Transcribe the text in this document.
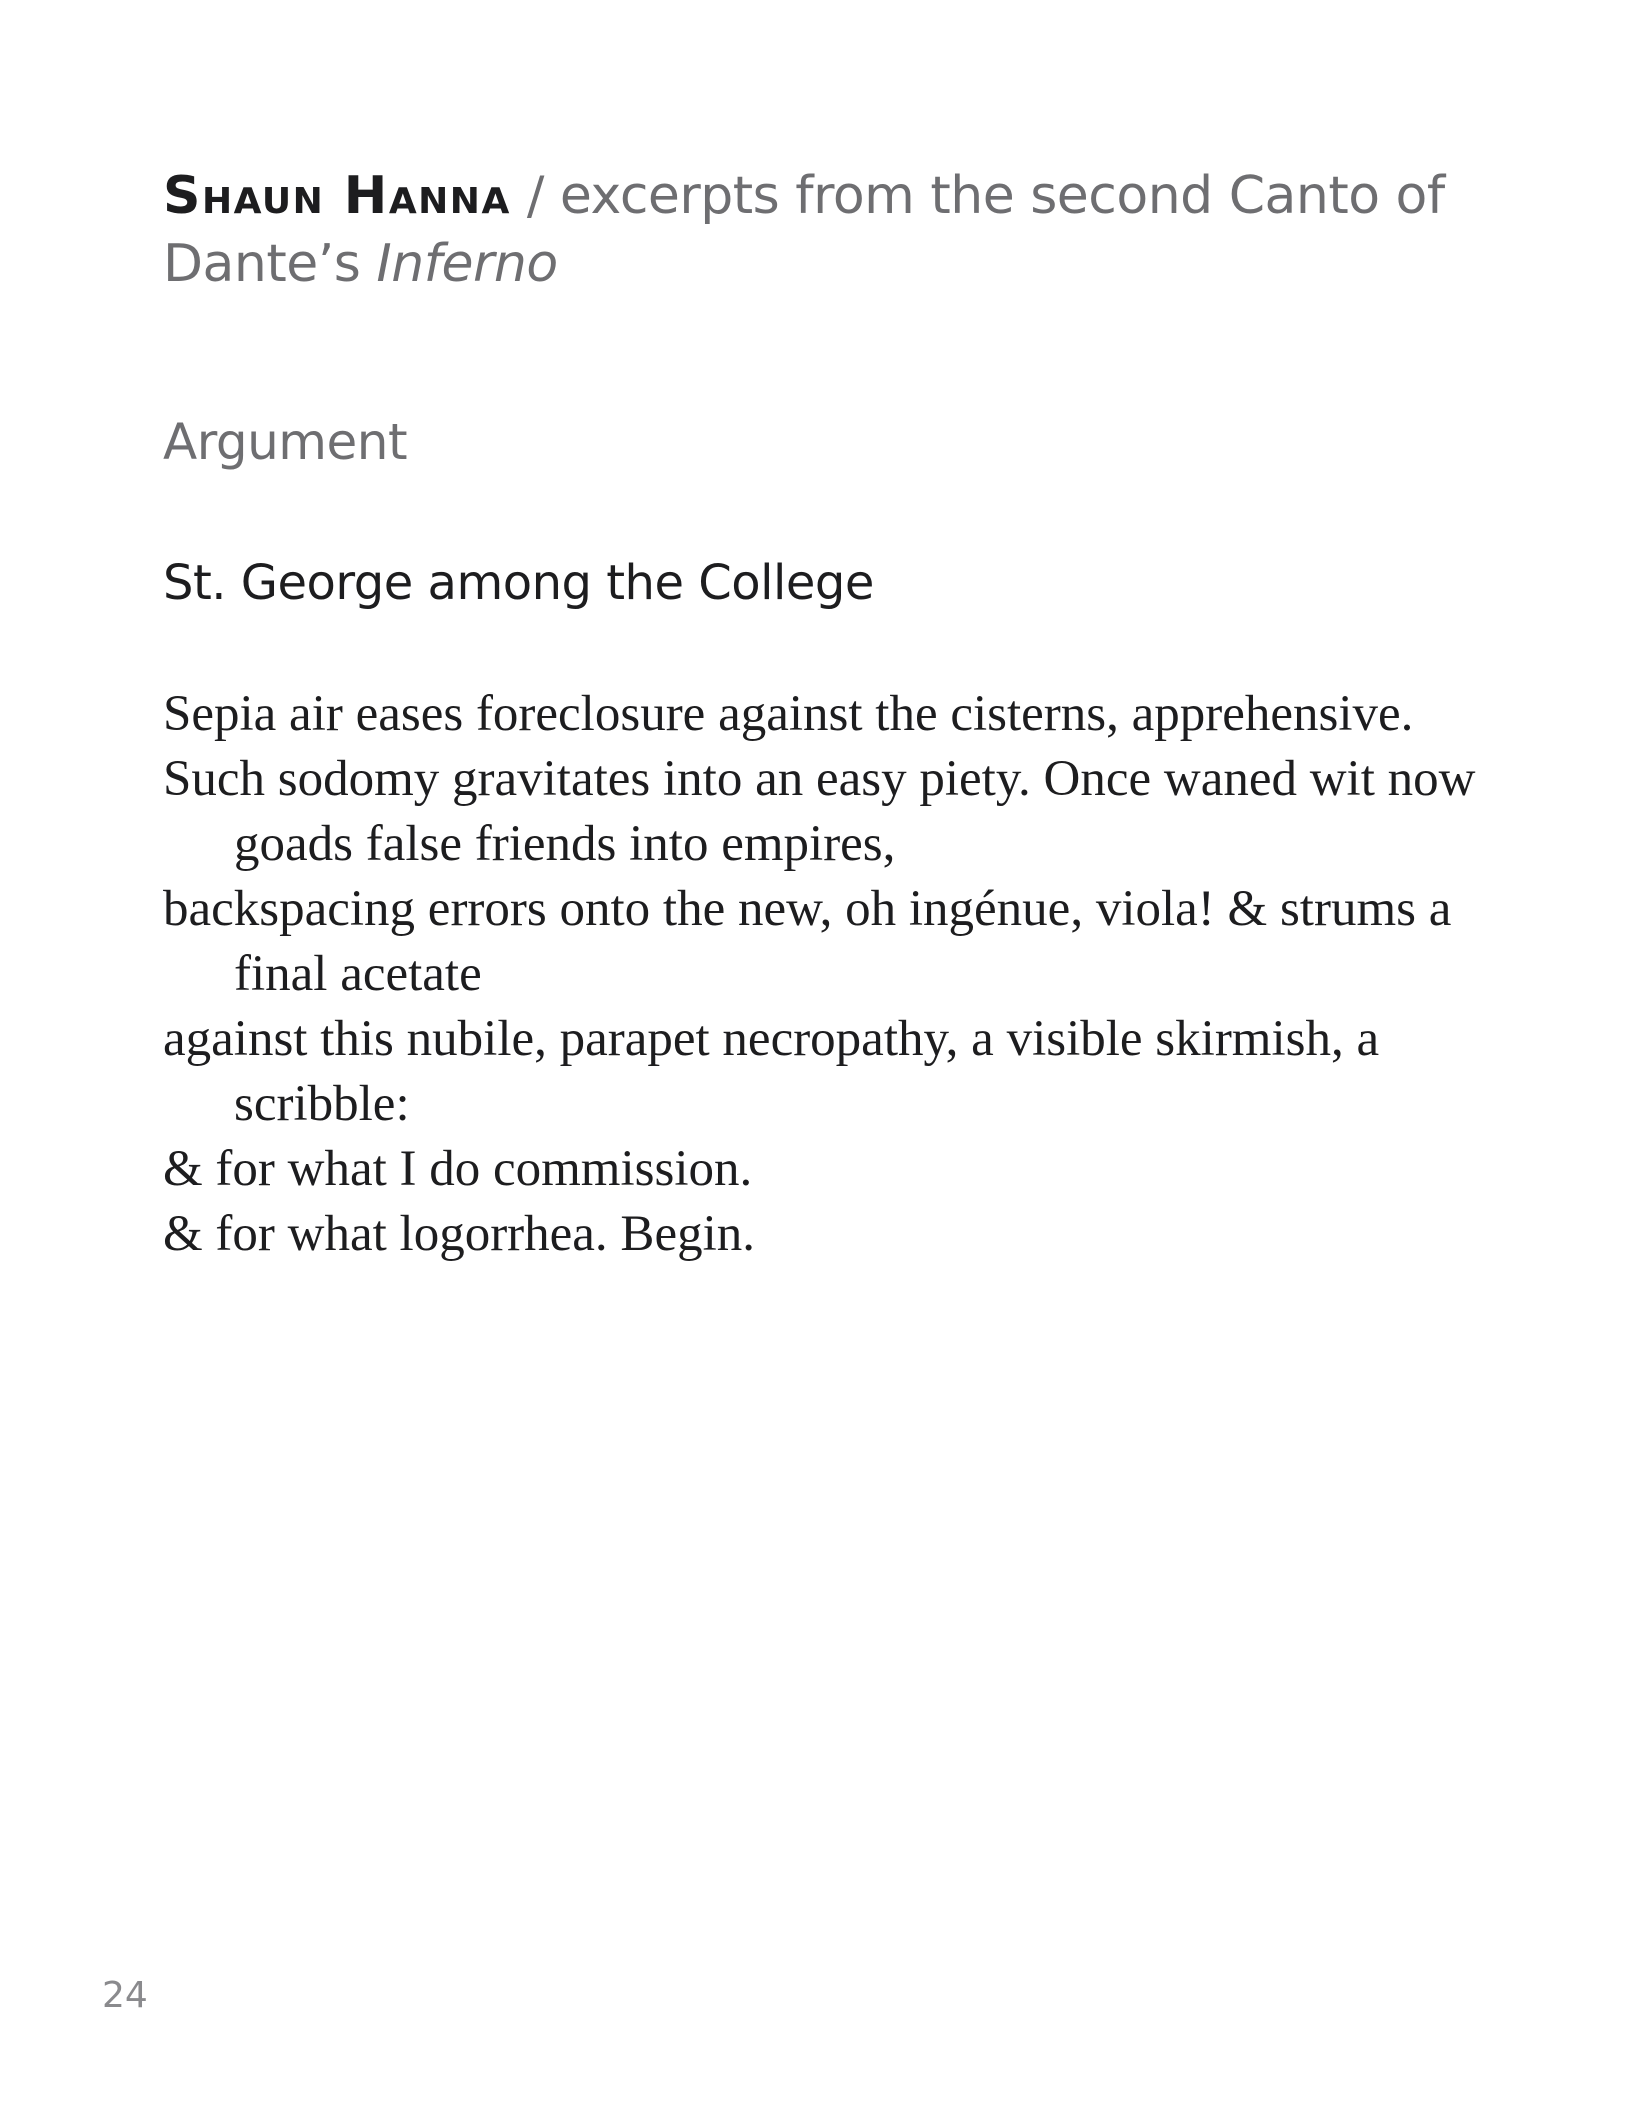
Shaun Hanna / excerpts from the second Canto of Dante’s Inferno
Argument
St. George among the College
Sepia air eases foreclosure against the cisterns, apprehensive.
Such sodomy gravitates into an easy piety. Once waned wit now
goads false friends into empires,
backspacing errors onto the new, oh ingénue, viola! & strums a
final acetate
against this nubile, parapet necropathy, a visible skirmish, a
scribble:
& for what I do commission.
& for what logorrhea. Begin.
24
